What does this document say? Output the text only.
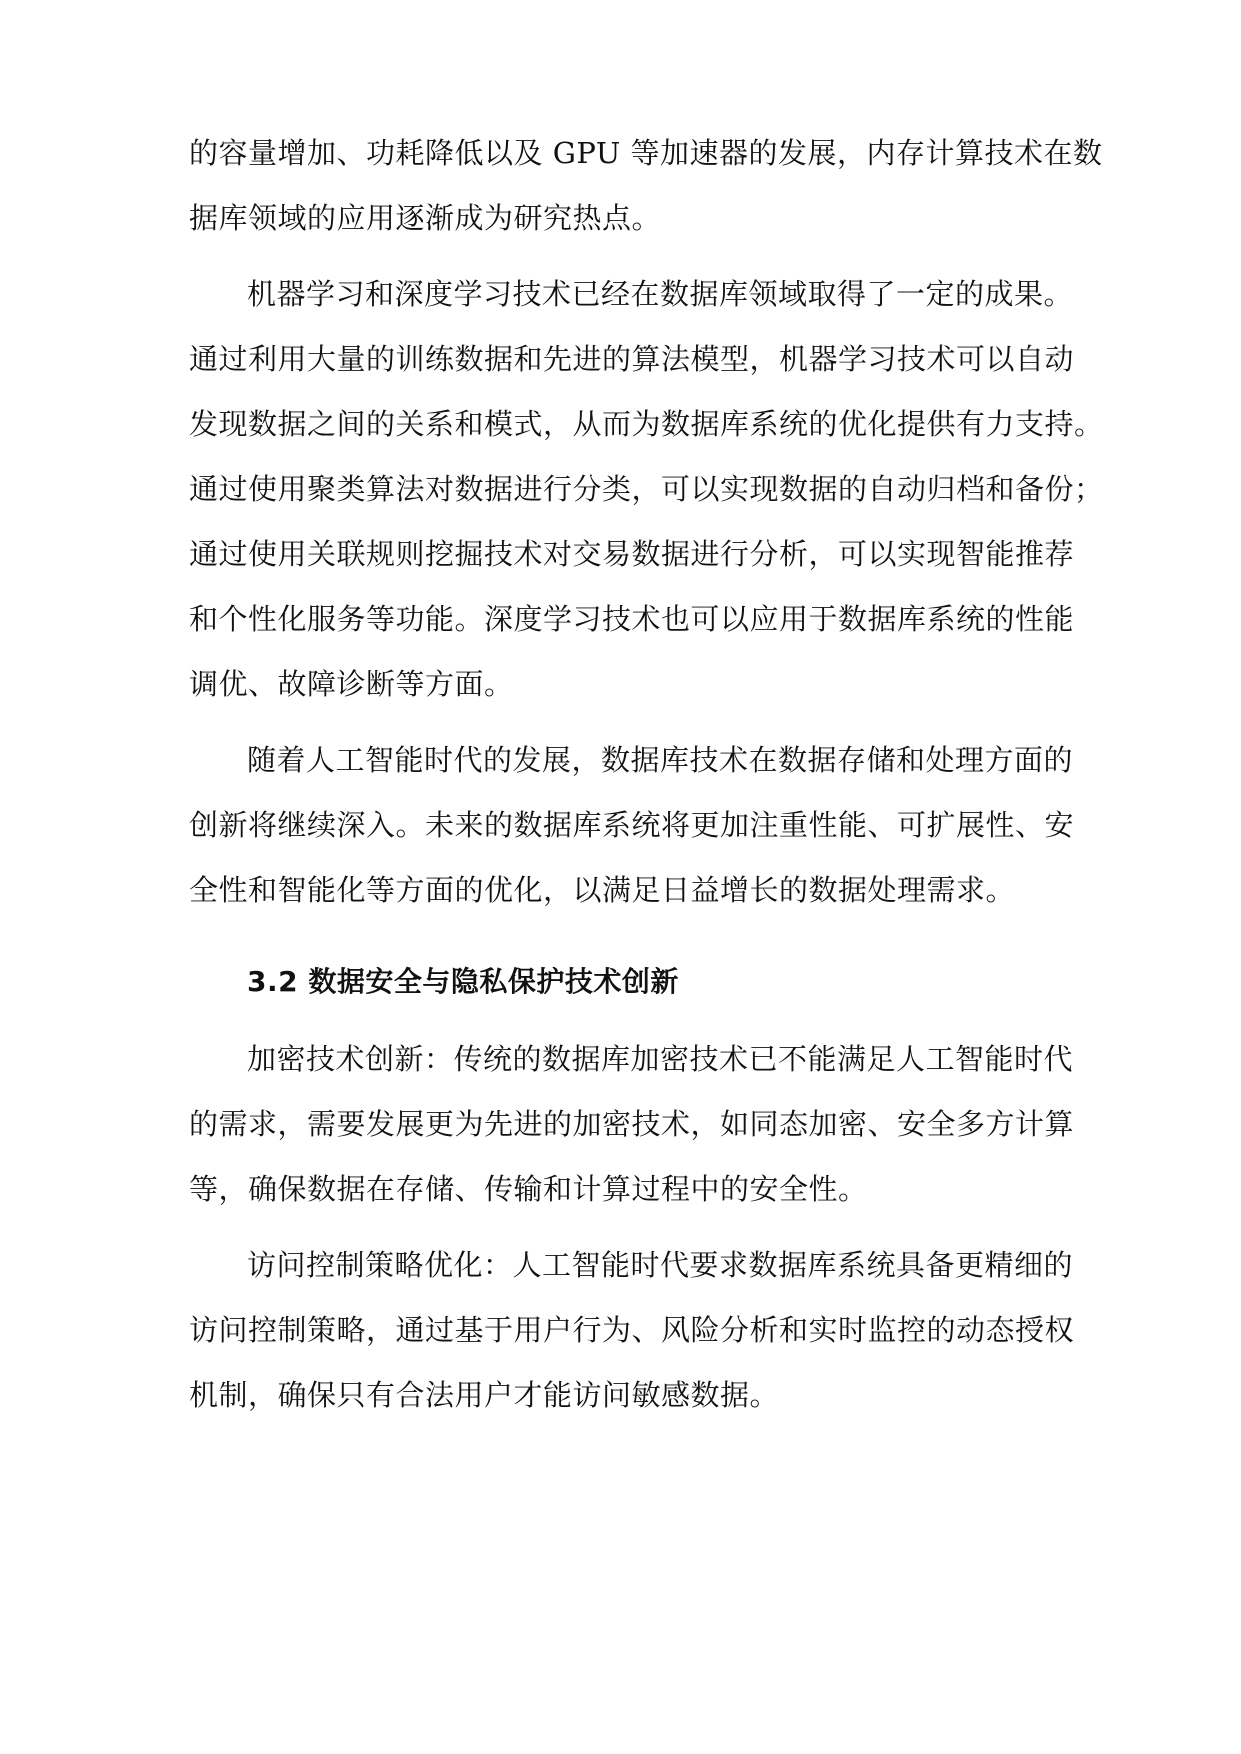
的容量增加、功耗降低以及 GPU 等加速器的发展，内存计算技术在数
据库领域的应用逐渐成为研究热点。
机器学习和深度学习技术已经在数据库领域取得了一定的成果。
通过利用大量的训练数据和先进的算法模型，机器学习技术可以自动
发现数据之间的关系和模式，从而为数据库系统的优化提供有力支持。
通过使用聚类算法对数据进行分类，可以实现数据的自动归档和备份；
通过使用关联规则挖掘技术对交易数据进行分析，可以实现智能推荐
和个性化服务等功能。深度学习技术也可以应用于数据库系统的性能
调优、故障诊断等方面。
随着人工智能时代的发展，数据库技术在数据存储和处理方面的
创新将继续深入。未来的数据库系统将更加注重性能、可扩展性、安
全性和智能化等方面的优化，以满足日益增长的数据处理需求。
3.2 数据安全与隐私保护技术创新
加密技术创新：传统的数据库加密技术已不能满足人工智能时代
的需求，需要发展更为先进的加密技术，如同态加密、安全多方计算
等，确保数据在存储、传输和计算过程中的安全性。
访问控制策略优化：人工智能时代要求数据库系统具备更精细的
访问控制策略，通过基于用户行为、风险分析和实时监控的动态授权
机制，确保只有合法用户才能访问敏感数据。
